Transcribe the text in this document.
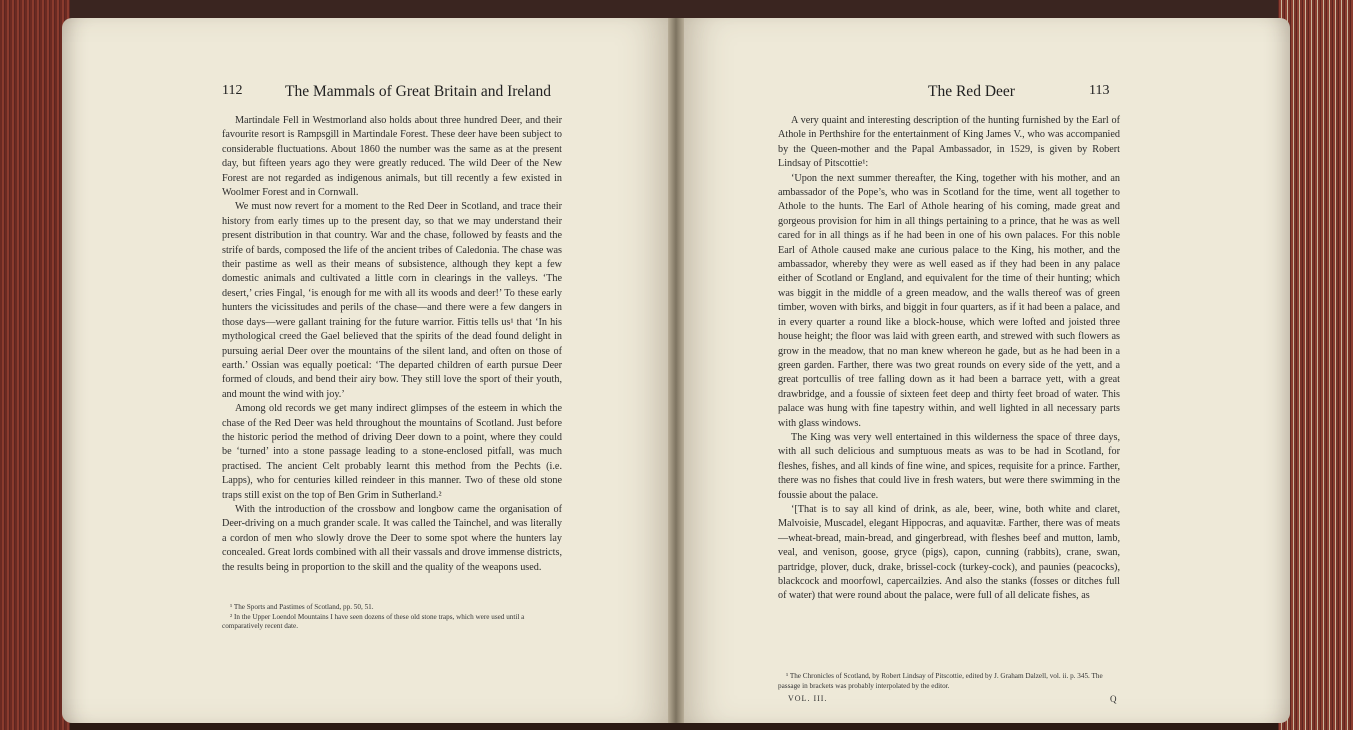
112	The Mammals of Great Britain and Ireland

Martindale Fell in Westmorland also holds about three hundred Deer, and their favourite resort is Rampsgill in Martindale Forest. These deer have been subject to considerable fluctuations. About 1860 the number was the same as at the present day, but fifteen years ago they were greatly reduced. The wild Deer of the New Forest are not regarded as indigenous animals, but till recently a few existed in Woolmer Forest and in Cornwall.

We must now revert for a moment to the Red Deer in Scotland, and trace their history from early times up to the present day, so that we may understand their present distribution in that country. War and the chase, followed by feasts and the strife of bards, composed the life of the ancient tribes of Caledonia. The chase was their pastime as well as their means of subsistence, although they kept a few domestic animals and cultivated a little corn in clearings in the valleys. ‘The desert,’ cries Fingal, ‘is enough for me with all its woods and deer!’ To these early hunters the vicissitudes and perils of the chase—and there were a few dangers in those days—were gallant training for the future warrior. Fittis tells us¹ that ‘In his mythological creed the Gael believed that the spirits of the dead found delight in pursuing aerial Deer over the mountains of the silent land, and often on those of earth.’ Ossian was equally poetical: ‘The departed children of earth pursue Deer formed of clouds, and bend their airy bow. They still love the sport of their youth, and mount the wind with joy.’

Among old records we get many indirect glimpses of the esteem in which the chase of the Red Deer was held throughout the mountains of Scotland. Just before the historic period the method of driving Deer down to a point, where they could be ‘turned’ into a stone passage leading to a stone-enclosed pitfall, was much practised. The ancient Celt probably learnt this method from the Pechts (i.e. Lapps), who for centuries killed reindeer in this manner. Two of these old stone traps still exist on the top of Ben Grim in Sutherland.²

With the introduction of the crossbow and longbow came the organisation of Deer-driving on a much grander scale. It was called the Tainchel, and was literally a cordon of men who slowly drove the Deer to some spot where the hunters lay concealed. Great lords combined with all their vassals and drove immense districts, the results being in proportion to the skill and the quality of the weapons used.

¹ The Sports and Pastimes of Scotland, pp. 50, 51.

² In the Upper Loendol Mountains I have seen dozens of these old stone traps, which were used until a comparatively recent date.

The Red Deer	113

A very quaint and interesting description of the hunting furnished by the Earl of Athole in Perthshire for the entertainment of King James V., who was accompanied by the Queen-mother and the Papal Ambassador, in 1529, is given by Robert Lindsay of Pitscottie¹:

‘Upon the next summer thereafter, the King, together with his mother, and an ambassador of the Pope’s, who was in Scotland for the time, went all together to Athole to the hunts. The Earl of Athole hearing of his coming, made great and gorgeous provision for him in all things pertaining to a prince, that he was as well cared for in all things as if he had been in one of his own palaces. For this noble Earl of Athole caused make ane curious palace to the King, his mother, and the ambassador, whereby they were as well eased as if they had been in any palace either of Scotland or England, and equivalent for the time of their hunting; which was biggit in the middle of a green meadow, and the walls thereof was of green timber, woven with birks, and biggit in four quarters, as if it had been a palace, and in every quarter a round like a block-house, which were lofted and joisted three house height; the floor was laid with green earth, and strewed with such flowers as grow in the meadow, that no man knew whereon he gade, but as he had been in a green garden. Farther, there was two great rounds on every side of the yett, and a great portcullis of tree falling down as it had been a barrace yett, with a great drawbridge, and a foussie of sixteen feet deep and thirty feet broad of water. This palace was hung with fine tapestry within, and well lighted in all necessary parts with glass windows.

The King was very well entertained in this wilderness the space of three days, with all such delicious and sumptuous meats as was to be had in Scotland, for fleshes, fishes, and all kinds of fine wine, and spices, requisite for a prince. Farther, there was no fishes that could live in fresh waters, but were there swimming in the foussie about the palace.

‘[That is to say all kind of drink, as ale, beer, wine, both white and claret, Malvoisie, Muscadel, elegant Hippocras, and aquavitæ. Farther, there was of meats—wheat-bread, main-bread, and gingerbread, with fleshes beef and mutton, lamb, veal, and venison, goose, gryce (pigs), capon, cunning (rabbits), crane, swan, partridge, plover, duck, drake, brissel-cock (turkey-cock), and paunies (peacocks), blackcock and moorfowl, capercailzies. And also the stanks (fosses or ditches full of water) that were round about the palace, were full of all delicate fishes, as

¹ The Chronicles of Scotland, by Robert Lindsay of Pitscottie, edited by J. Graham Dalzell, vol. ii. p. 345. The passage in brackets was probably interpolated by the editor.

VOL. III.	Q
